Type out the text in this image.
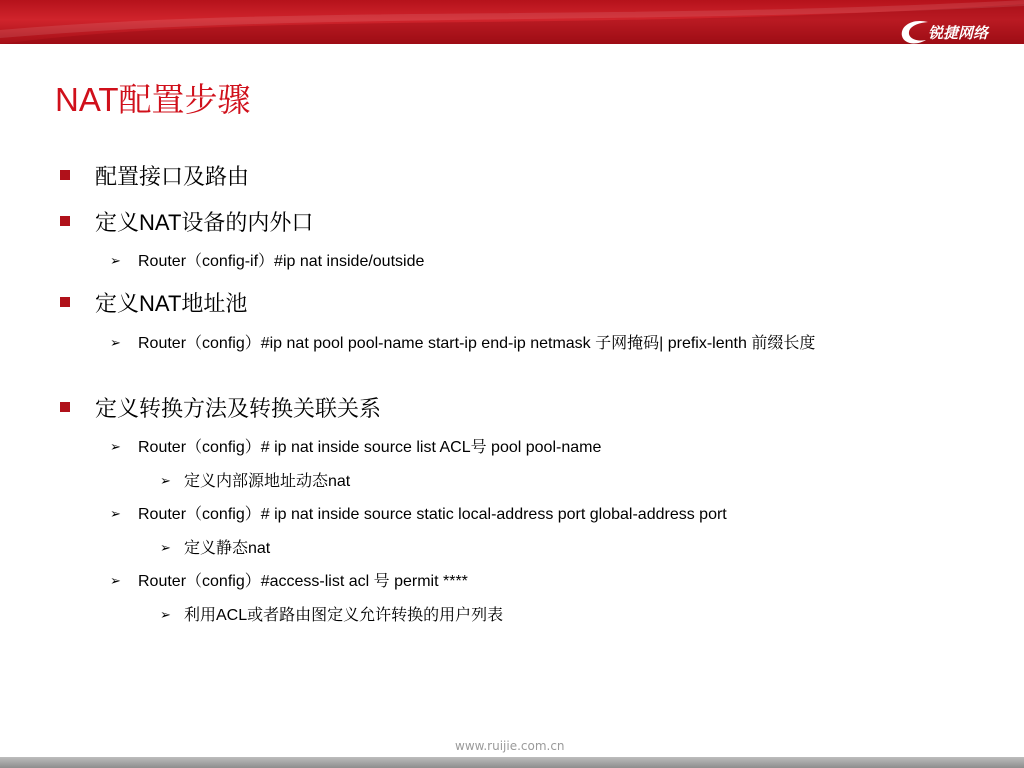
锐捷网络
NAT配置步骤
配置接口及路由
定义NAT设备的内外口
➢ Router（config-if）#ip nat inside/outside
定义NAT地址池
➢ Router（config）#ip nat pool pool-name start-ip end-ip netmask 子网掩码| prefix-lenth 前缀长度
定义转换方法及转换关联关系
➢ Router（config）# ip nat inside source list ACL号 pool pool-name
➢ 定义内部源地址动态nat
➢ Router（config）# ip nat inside source static local-address port global-address port
➢ 定义静态nat
➢ Router（config）#access-list acl 号 permit ****
➢ 利用ACL或者路由图定义允许转换的用户列表
www.ruijie.com.cn
